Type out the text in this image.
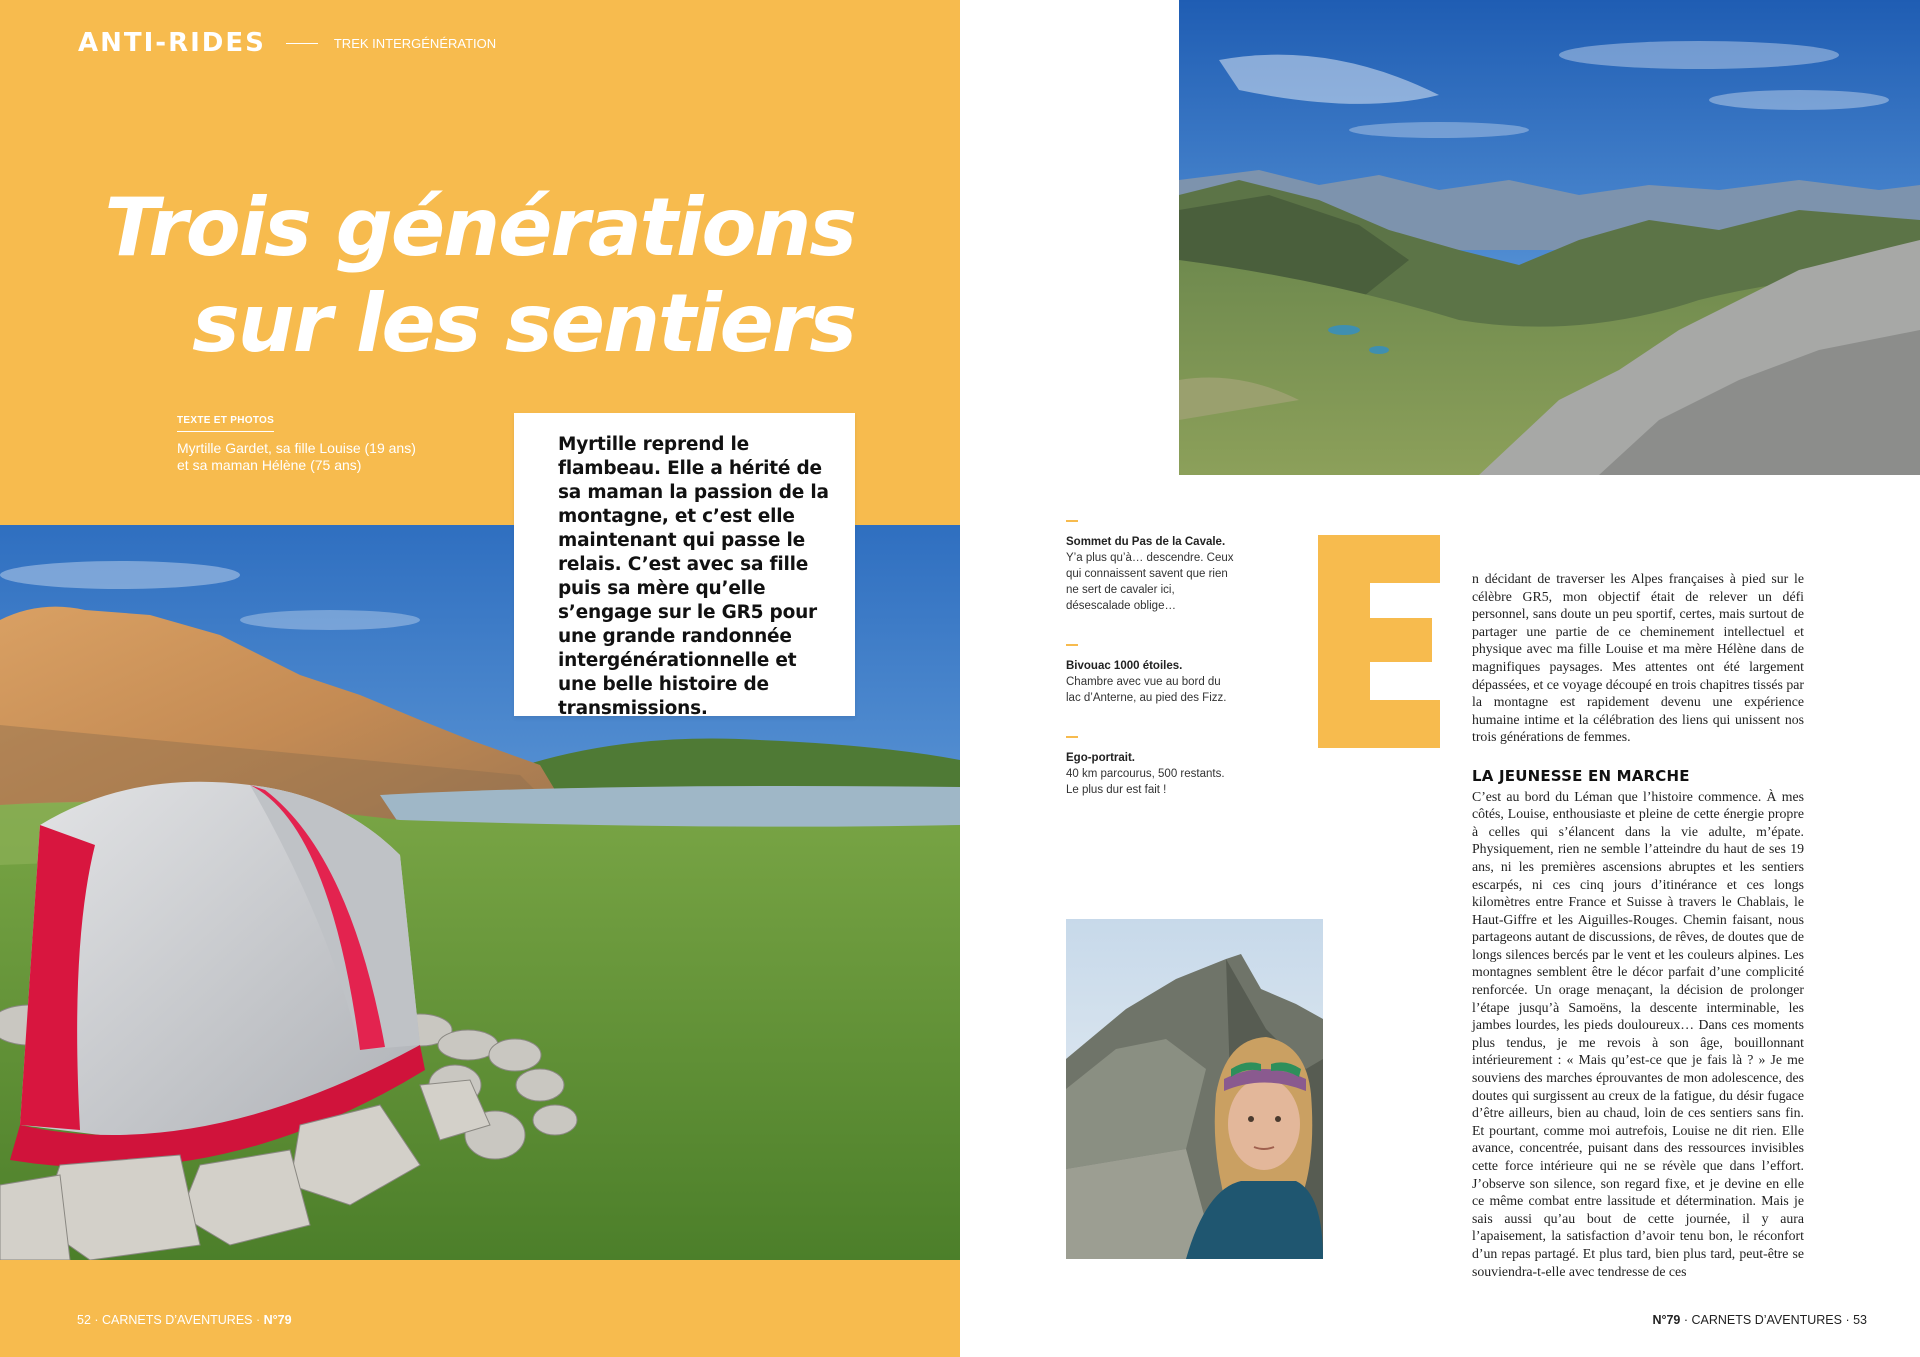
ANTI-RIDES	TREK INTERGÉNÉRATION
Trois générations
sur les sentiers
TEXTE ET PHOTOS
Myrtille Gardet, sa fille Louise (19 ans)
et sa maman Hélène (75 ans)

Myrtille reprend le flambeau. Elle a hérité de sa maman la passion de la montagne, et c’est elle maintenant qui passe le relais. C’est avec sa fille puis sa mère qu’elle s’engage sur le GR5 pour une grande randonnée intergénérationnelle et une belle histoire de transmissions.

52 · CARNETS D’AVENTURES · N°79
Sommet du Pas de la Cavale.
Y’a plus qu’à… descendre. Ceux qui connaissent savent que rien ne sert de cavaler ici, désescalade oblige…
Bivouac 1000 étoiles.
Chambre avec vue au bord du lac d’Anterne, au pied des Fizz.
Ego-portrait.
40 km parcourus, 500 restants. Le plus dur est fait !

n décidant de traverser les Alpes françaises à pied sur le célèbre GR5, mon objectif était de relever un défi personnel, sans doute un peu sportif, certes, mais surtout de partager une partie de ce cheminement intellectuel et physique avec ma fille Louise et ma mère Hélène dans de magnifiques paysages. Mes attentes ont été largement dépassées, et ce voyage découpé en trois chapitres tissés par la montagne est rapidement devenu une expérience humaine intime et la célébration des liens qui unissent nos trois générations de femmes.

LA JEUNESSE EN MARCHE

C’est au bord du Léman que l’histoire commence. À mes côtés, Louise, enthousiaste et pleine de cette énergie propre à celles qui s’élancent dans la vie adulte, m’épate. Physiquement, rien ne semble l’atteindre du haut de ses 19 ans, ni les premières ascensions abruptes et les sentiers escarpés, ni ces cinq jours d’itinérance et ces longs kilomètres entre France et Suisse à travers le Chablais, le Haut-Giffre et les Aiguilles-Rouges. Chemin faisant, nous partageons autant de discussions, de rêves, de doutes que de longs silences bercés par le vent et les couleurs alpines. Les montagnes semblent être le décor parfait d’une complicité renforcée. Un orage menaçant, la décision de prolonger l’étape jusqu’à Samoëns, la descente interminable, les jambes lourdes, les pieds douloureux… Dans ces moments plus tendus, je me revois à son âge, bouillonnant intérieurement : « Mais qu’est-ce que je fais là ? » Je me souviens des marches éprouvantes de mon adolescence, des doutes qui surgissent au creux de la fatigue, du désir fugace d’être ailleurs, bien au chaud, loin de ces sentiers sans fin. Et pourtant, comme moi autrefois, Louise ne dit rien. Elle avance, concentrée, puisant dans des ressources invisibles cette force intérieure qui ne se révèle que dans l’effort. J’observe son silence, son regard fixe, et je devine en elle ce même combat entre lassitude et détermination. Mais je sais aussi qu’au bout de cette journée, il y aura l’apaisement, la satisfaction d’avoir tenu bon, le réconfort d’un repas partagé. Et plus tard, bien plus tard, peut-être se souviendra-t-elle avec tendresse de ces

N°79 · CARNETS D’AVENTURES · 53
